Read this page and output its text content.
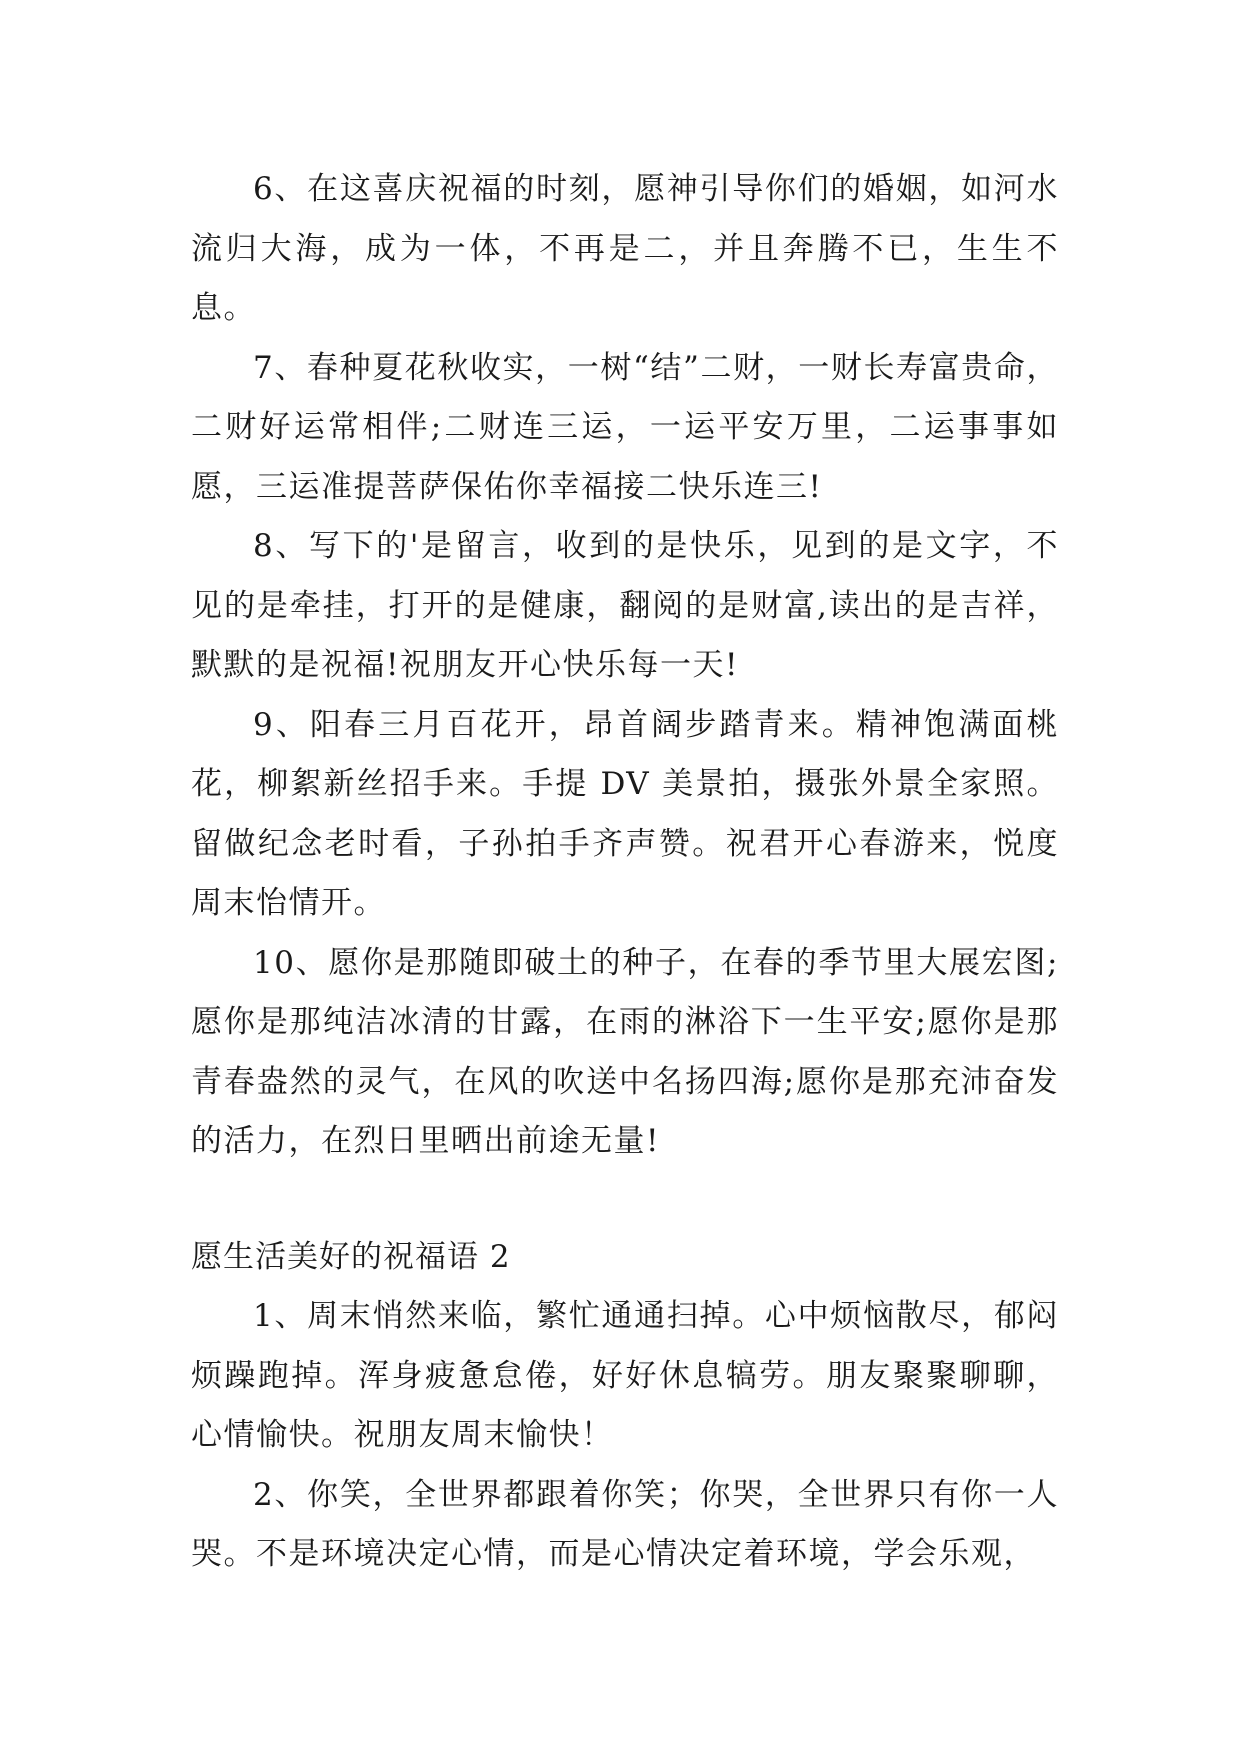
6、在这喜庆祝福的时刻，愿神引导你们的婚姻，如河水流归大海，成为一体，不再是二，并且奔腾不已，生生不息。

7、春种夏花秋收实，一树“结”二财，一财长寿富贵命，二财好运常相伴;二财连三运，一运平安万里，二运事事如愿，三运准提菩萨保佑你幸福接二快乐连三!

8、写下的'是留言，收到的是快乐，见到的是文字，不见的是牵挂，打开的是健康，翻阅的是财富,读出的是吉祥，默默的是祝福!祝朋友开心快乐每一天!

9、阳春三月百花开，昂首阔步踏青来。精神饱满面桃花，柳絮新丝招手来。手提 DV 美景拍，摄张外景全家照。留做纪念老时看，子孙拍手齐声赞。祝君开心春游来，悦度周末怡情开。

10、愿你是那随即破土的种子，在春的季节里大展宏图;愿你是那纯洁冰清的甘露，在雨的淋浴下一生平安;愿你是那青春盎然的灵气，在风的吹送中名扬四海;愿你是那充沛奋发的活力，在烈日里晒出前途无量!

愿生活美好的祝福语 2

1、周末悄然来临，繁忙通通扫掉。心中烦恼散尽，郁闷烦躁跑掉。浑身疲惫怠倦，好好休息犒劳。朋友聚聚聊聊，心情愉快。祝朋友周末愉快！

2、你笑，全世界都跟着你笑；你哭，全世界只有你一人哭。不是环境决定心情，而是心情决定着环境，学会乐观，
